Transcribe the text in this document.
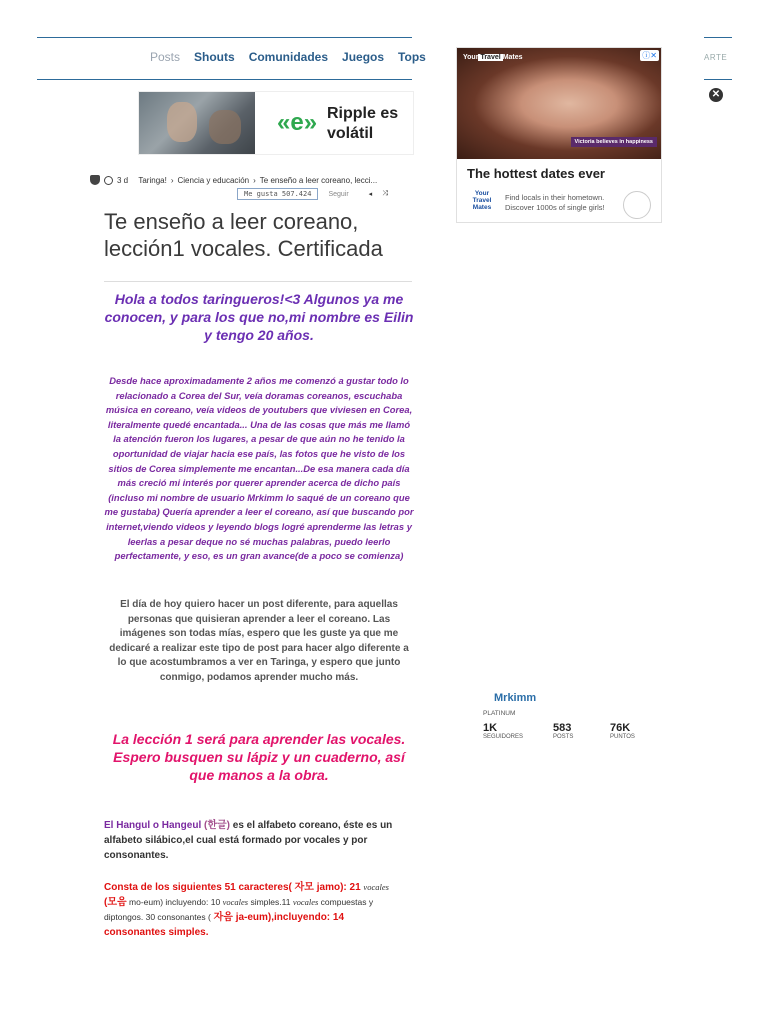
Posts Shouts Comunidades Juegos Tops	ARTE
✕
«e» Ripple es
volátil
3 d
Taringa! › Ciencia y educación › Te enseño a leer coreano, lecci...
Me gusta 507.424	Seguir	◂ ⤨
Te enseño a leer coreano, lección1 vocales. Certificada
Hola a todos taringueros!<3 Algunos ya me conocen, y para los que no,mi nombre es Eilin y tengo 20 años.
Desde hace aproximadamente 2 años me comenzó a gustar todo lo relacionado a Corea del Sur, veía doramas coreanos, escuchaba música en coreano, veía videos de youtubers que viviesen en Corea, literalmente quedé encantada... Una de las cosas que más me llamó la atención fueron los lugares, a pesar de que aún no he tenido la oportunidad de viajar hacia ese país, las fotos que he visto de los sitios de Corea simplemente me encantan...De esa manera cada día más creció mi interés por querer aprender acerca de dicho país (incluso mi nombre de usuario Mrkimm lo saqué de un coreano que me gustaba) Quería aprender a leer el coreano, así que buscando por internet,viendo videos y leyendo blogs logré aprenderme las letras y leerlas a pesar deque no sé muchas palabras, puedo leerlo perfectamente, y eso, es un gran avance(de a poco se comienza)
El día de hoy quiero hacer un post diferente, para aquellas personas que quisieran aprender a leer el coreano. Las imágenes son todas mías, espero que les guste ya que me dedicaré a realizar este tipo de post para hacer algo diferente a lo que acostumbramos a ver en Taringa, y espero que junto conmigo, podamos aprender mucho más.
La lección 1 será para aprender las vocales. Espero busquen su lápiz y un cuaderno, así que manos a la obra.
El Hangul o Hangeul (한글) es el alfabeto coreano, éste es un alfabeto silábico,el cual está formado por vocales y por consonantes.
Consta de los siguientes 51 caracteres( 자모 jamo): 21 vocales (모음 mo-eum) incluyendo: 10 vocales simples.11 vocales compuestas y diptongos. 30 consonantes ( 자음 ja-eum),incluyendo: 14 consonantes simples.
Your Travel Mates	ⓘ✕
Victoria believes in happiness
The hottest dates ever
Your Travel Mates
Find locals in their hometown. Discover 1000s of single girls!
Mrkimm
PLATINUM
1K
SEGUIDORES
583
POSTS
76K
PUNTOS
